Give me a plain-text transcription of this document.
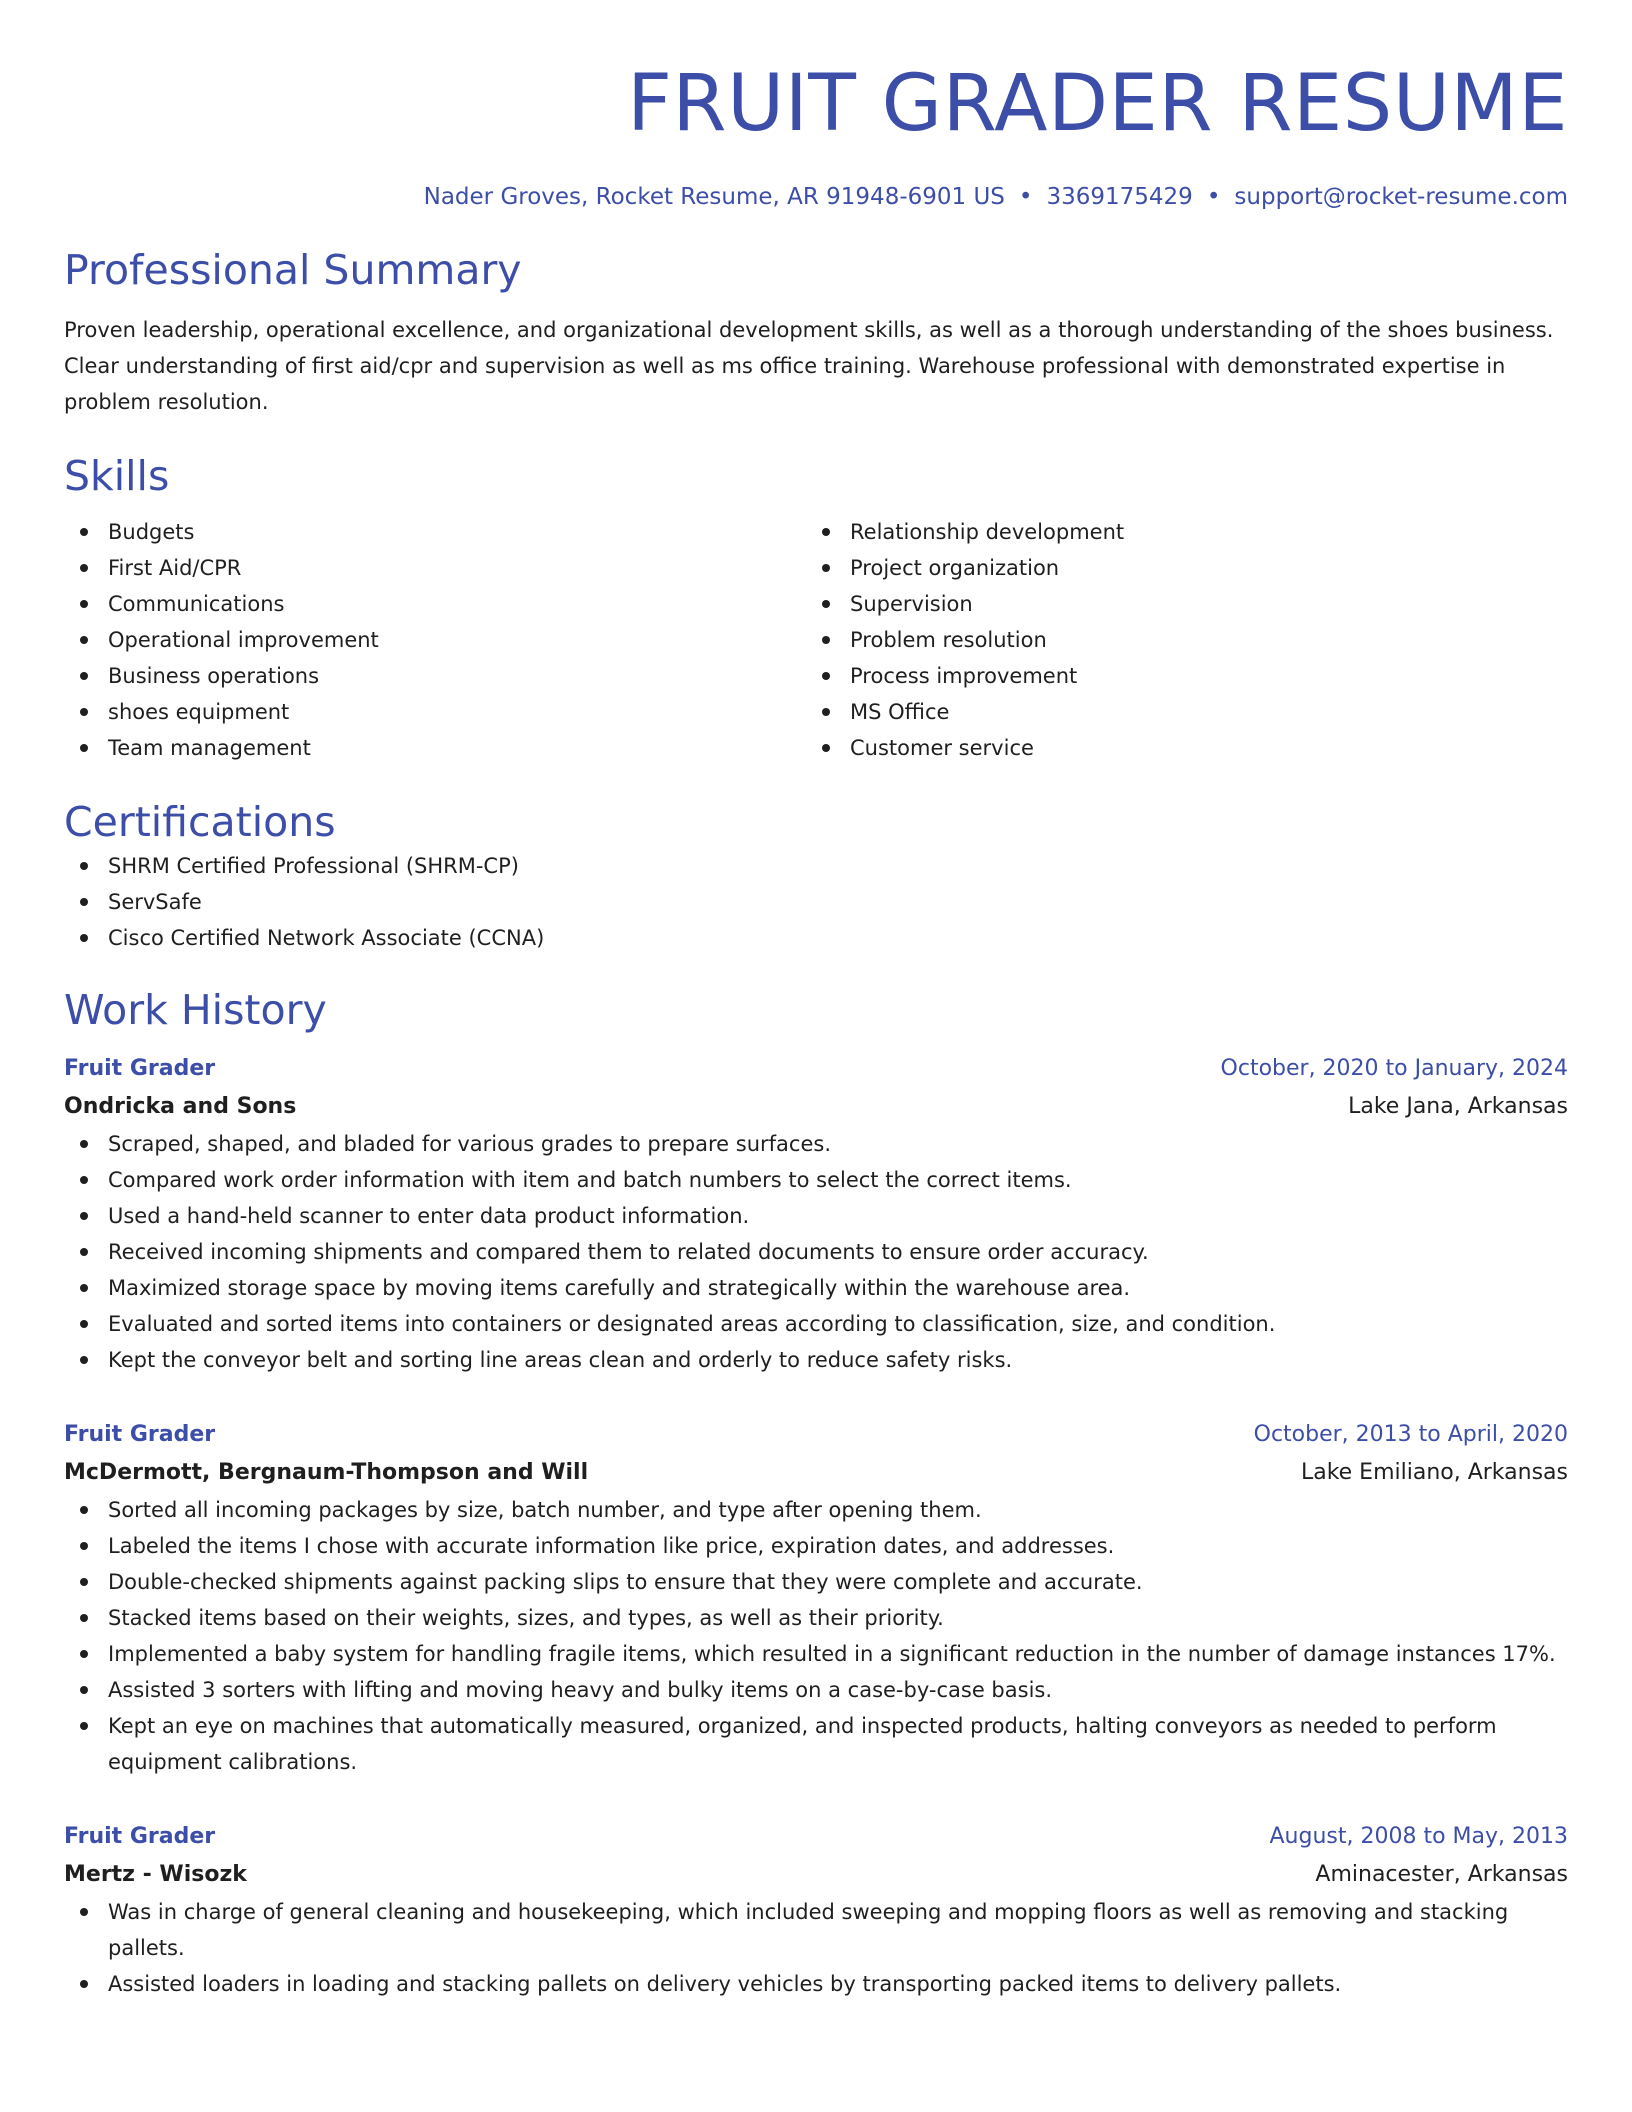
FRUIT GRADER RESUME
Nader Groves, Rocket Resume, AR 91948-6901 US • 3369175429 • support@rocket-resume.com
Professional Summary

Proven leadership, operational excellence, and organizational development skills, as well as a thorough understanding of the shoes business. Clear understanding of first aid/cpr and supervision as well as ms office training. Warehouse professional with demonstrated expertise in problem resolution.

Skills
Budgets
First Aid/CPR
Communications
Operational improvement
Business operations
shoes equipment
Team management
Relationship development
Project organization
Supervision
Problem resolution
Process improvement
MS Office
Customer service
Certifications
SHRM Certified Professional (SHRM-CP)
ServSafe
Cisco Certified Network Associate (CCNA)
Work History
Fruit Grader	October, 2020 to January, 2024
Ondricka and Sons	Lake Jana, Arkansas
Scraped, shaped, and bladed for various grades to prepare surfaces.
Compared work order information with item and batch numbers to select the correct items.
Used a hand-held scanner to enter data product information.
Received incoming shipments and compared them to related documents to ensure order accuracy.
Maximized storage space by moving items carefully and strategically within the warehouse area.
Evaluated and sorted items into containers or designated areas according to classification, size, and condition.
Kept the conveyor belt and sorting line areas clean and orderly to reduce safety risks.
Fruit Grader	October, 2013 to April, 2020
McDermott, Bergnaum-Thompson and Will	Lake Emiliano, Arkansas
Sorted all incoming packages by size, batch number, and type after opening them.
Labeled the items I chose with accurate information like price, expiration dates, and addresses.
Double-checked shipments against packing slips to ensure that they were complete and accurate.
Stacked items based on their weights, sizes, and types, as well as their priority.
Implemented a baby system for handling fragile items, which resulted in a significant reduction in the number of damage instances 17%.
Assisted 3 sorters with lifting and moving heavy and bulky items on a case-by-case basis.
Kept an eye on machines that automatically measured, organized, and inspected products, halting conveyors as needed to perform equipment calibrations.
Fruit Grader	August, 2008 to May, 2013
Mertz - Wisozk	Aminacester, Arkansas
Was in charge of general cleaning and housekeeping, which included sweeping and mopping floors as well as removing and stacking pallets.
Assisted loaders in loading and stacking pallets on delivery vehicles by transporting packed items to delivery pallets.
